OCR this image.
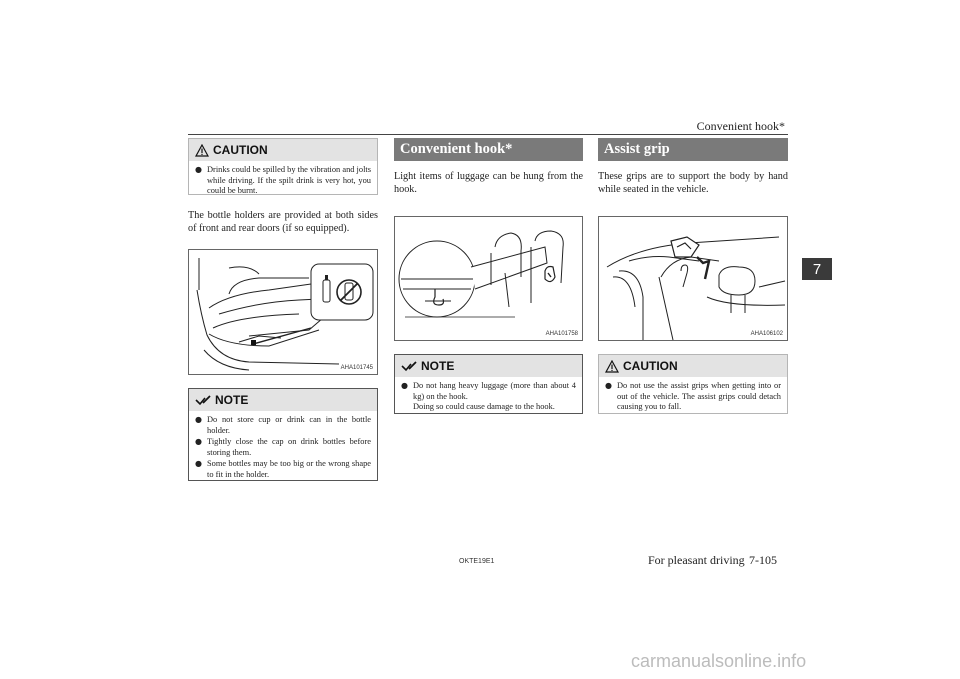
Convenient hook*
7
CAUTION
● Drinks could be spilled by the vibration and jolts while driving. If the spilt drink is very hot, you could be burnt.
The bottle holders are provided at both sides of front and rear doors (if so equipped).
AHA101745
NOTE
● Do not store cup or drink can in the bottle holder.
● Tightly close the cap on drink bottles before storing them.
● Some bottles may be too big or the wrong shape to fit in the holder.
Convenient hook*
Light items of luggage can be hung from the hook.
AHA101758
NOTE
● Do not hang heavy luggage (more than about 4 kg) on the hook.
Doing so could cause damage to the hook.
Assist grip
These grips are to support the body by hand while seated in the vehicle.
AHA106102
CAUTION
● Do not use the assist grips when getting into or out of the vehicle. The assist grips could detach causing you to fall.
OKTE19E1	For pleasant driving 7-105
carmanualsonline.info
